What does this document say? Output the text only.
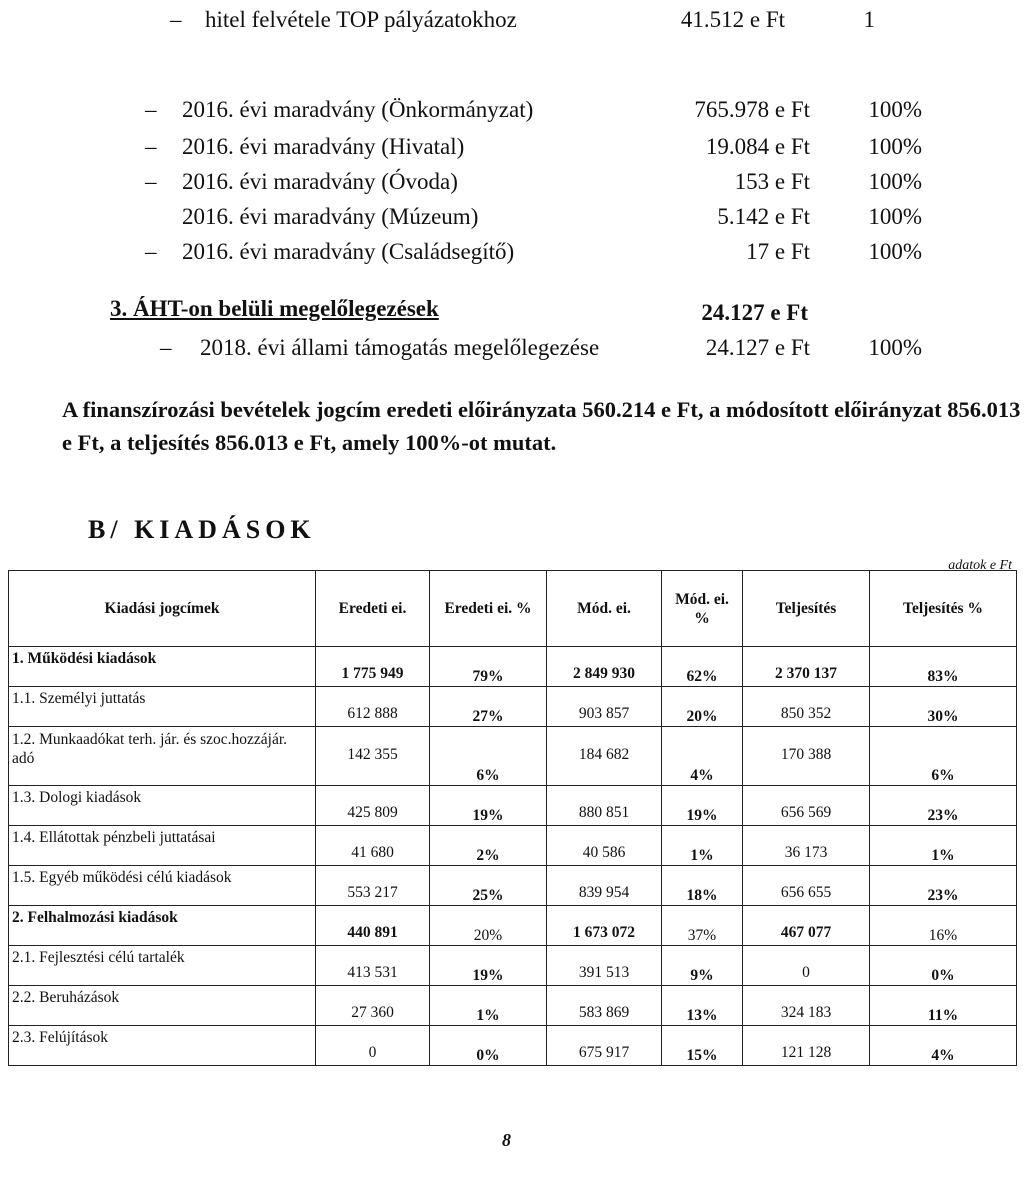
– hitel felvétele TOP pályázatokhoz	41.512 e Ft	1
– 2016. évi maradvány (Önkormányzat)	765.978 e Ft	100%
– 2016. évi maradvány (Hivatal)	19.084 e Ft	100%
– 2016. évi maradvány (Óvoda)	153 e Ft	100%
2016. évi maradvány (Múzeum)	5.142 e Ft	100%
– 2016. évi maradvány (Családsegítő)	17 e Ft	100%
3. ÁHT-on belüli megelőlegezések	24.127 e Ft
– 2018. évi állami támogatás megelőlegezése	24.127 e Ft	100%
A finanszírozási bevételek jogcím eredeti előirányzata 560.214 e Ft, a módosított előirányzat 856.013 e Ft, a teljesítés 856.013 e Ft, amely 100%-ot mutat.
B/ KIADÁSOK
adatok e Ft
Kiadási jogcímek	Eredeti ei.	Eredeti ei. %	Mód. ei.	Mód. ei. %	Teljesítés	Teljesítés %
1. Működési kiadások	1 775 949	79%	2 849 930	62%	2 370 137	83%
1.1. Személyi juttatás	612 888	27%	903 857	20%	850 352	30%
1.2. Munkaadókat terh. jár. és szoc.hozzájár. adó	142 355	6%	184 682	4%	170 388	6%
1.3. Dologi kiadások	425 809	19%	880 851	19%	656 569	23%
1.4. Ellátottak pénzbeli juttatásai	41 680	2%	40 586	1%	36 173	1%
1.5. Egyéb működési célú kiadások	553 217	25%	839 954	18%	656 655	23%
2. Felhalmozási kiadások	440 891	20%	1 673 072	37%	467 077	16%
2.1. Fejlesztési célú tartalék	413 531	19%	391 513	9%	0	0%
2.2. Beruházások	27 360	1%	583 869	13%	324 183	11%
2.3. Felújítások	0	0%	675 917	15%	121 128	4%
8
